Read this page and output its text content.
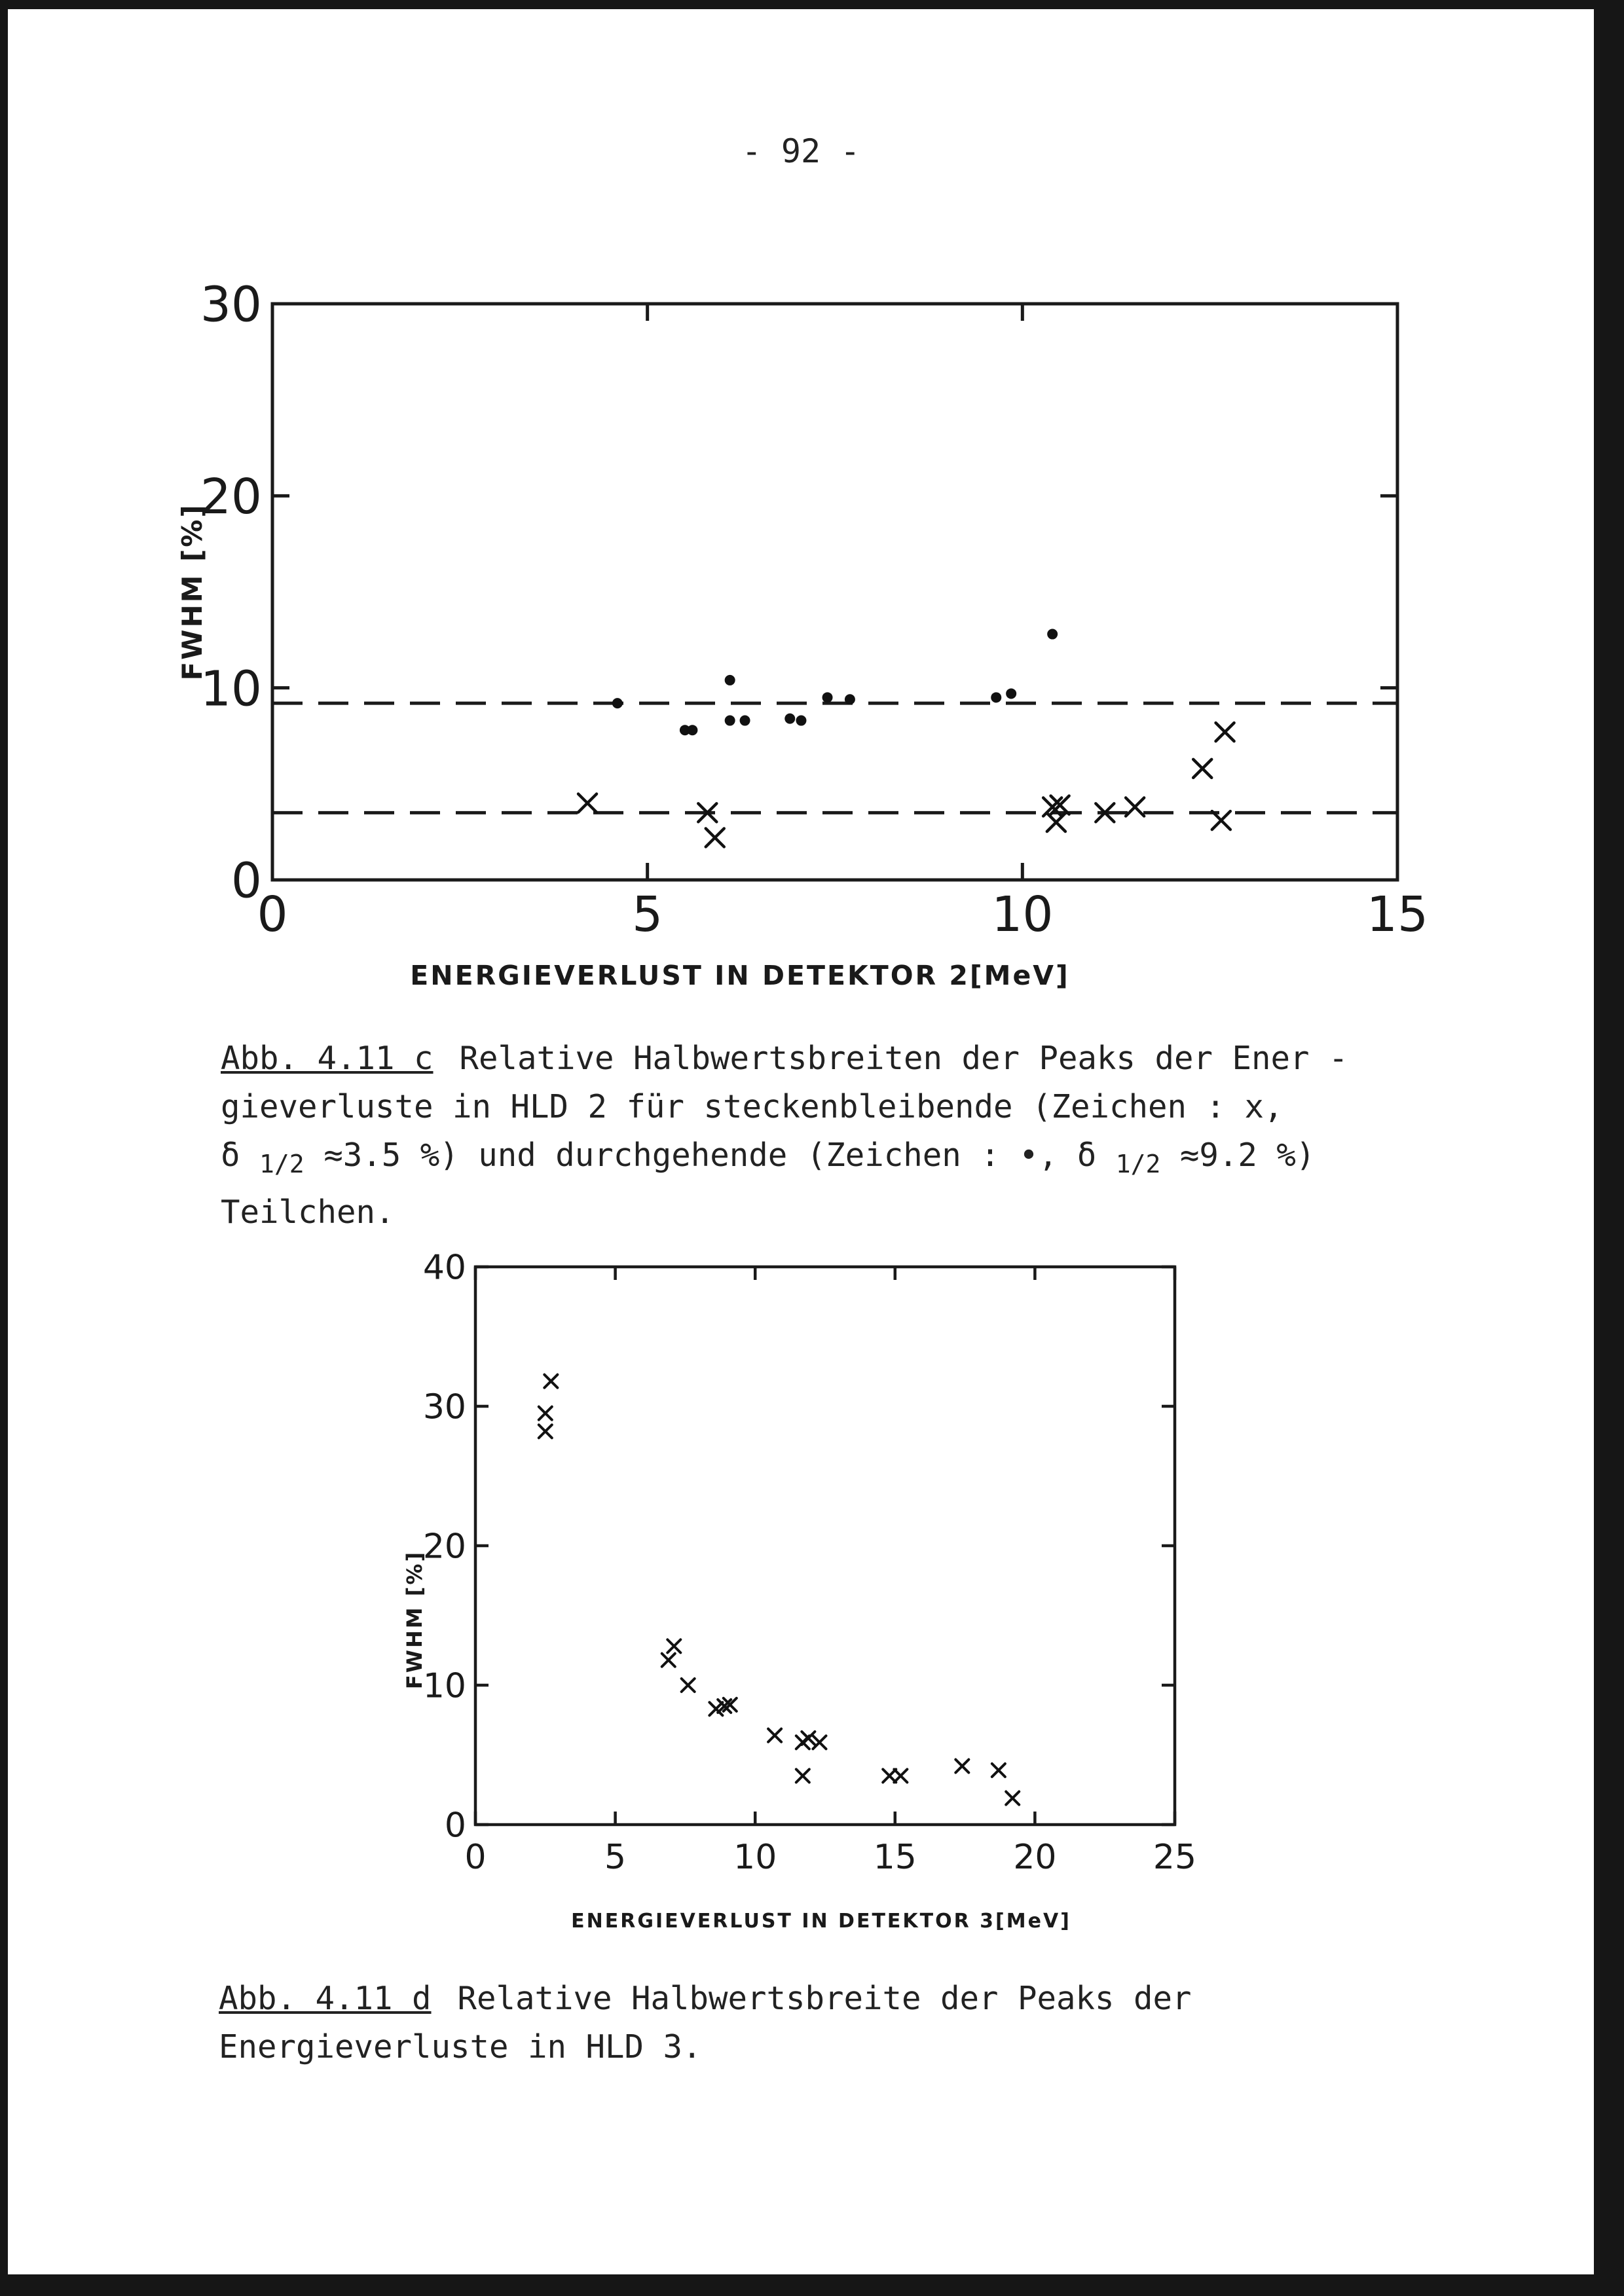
- 92 -
0	5	10	15
0
10
20
30
ENERGIEVERLUST IN DETEKTOR 2[MeV]
FWHM [%]
0	5	10	15	20	25
0
10
20
30
40
ENERGIEVERLUST IN DETEKTOR 3[MeV]
FWHM [%]

Abb. 4.11 c Relative Halbwertsbreiten der Peaks der Ener -
gieverluste in HLD 2 für steckenbleibende (Zeichen : x,
δ $_{1/2}$ ≈3.5 %) und durchgehende (Zeichen : •, δ $_{1/2}$ ≈9.2 %)
Teilchen.

Abb. 4.11 d Relative Halbwertsbreite der Peaks der
Energieverluste in HLD 3.
